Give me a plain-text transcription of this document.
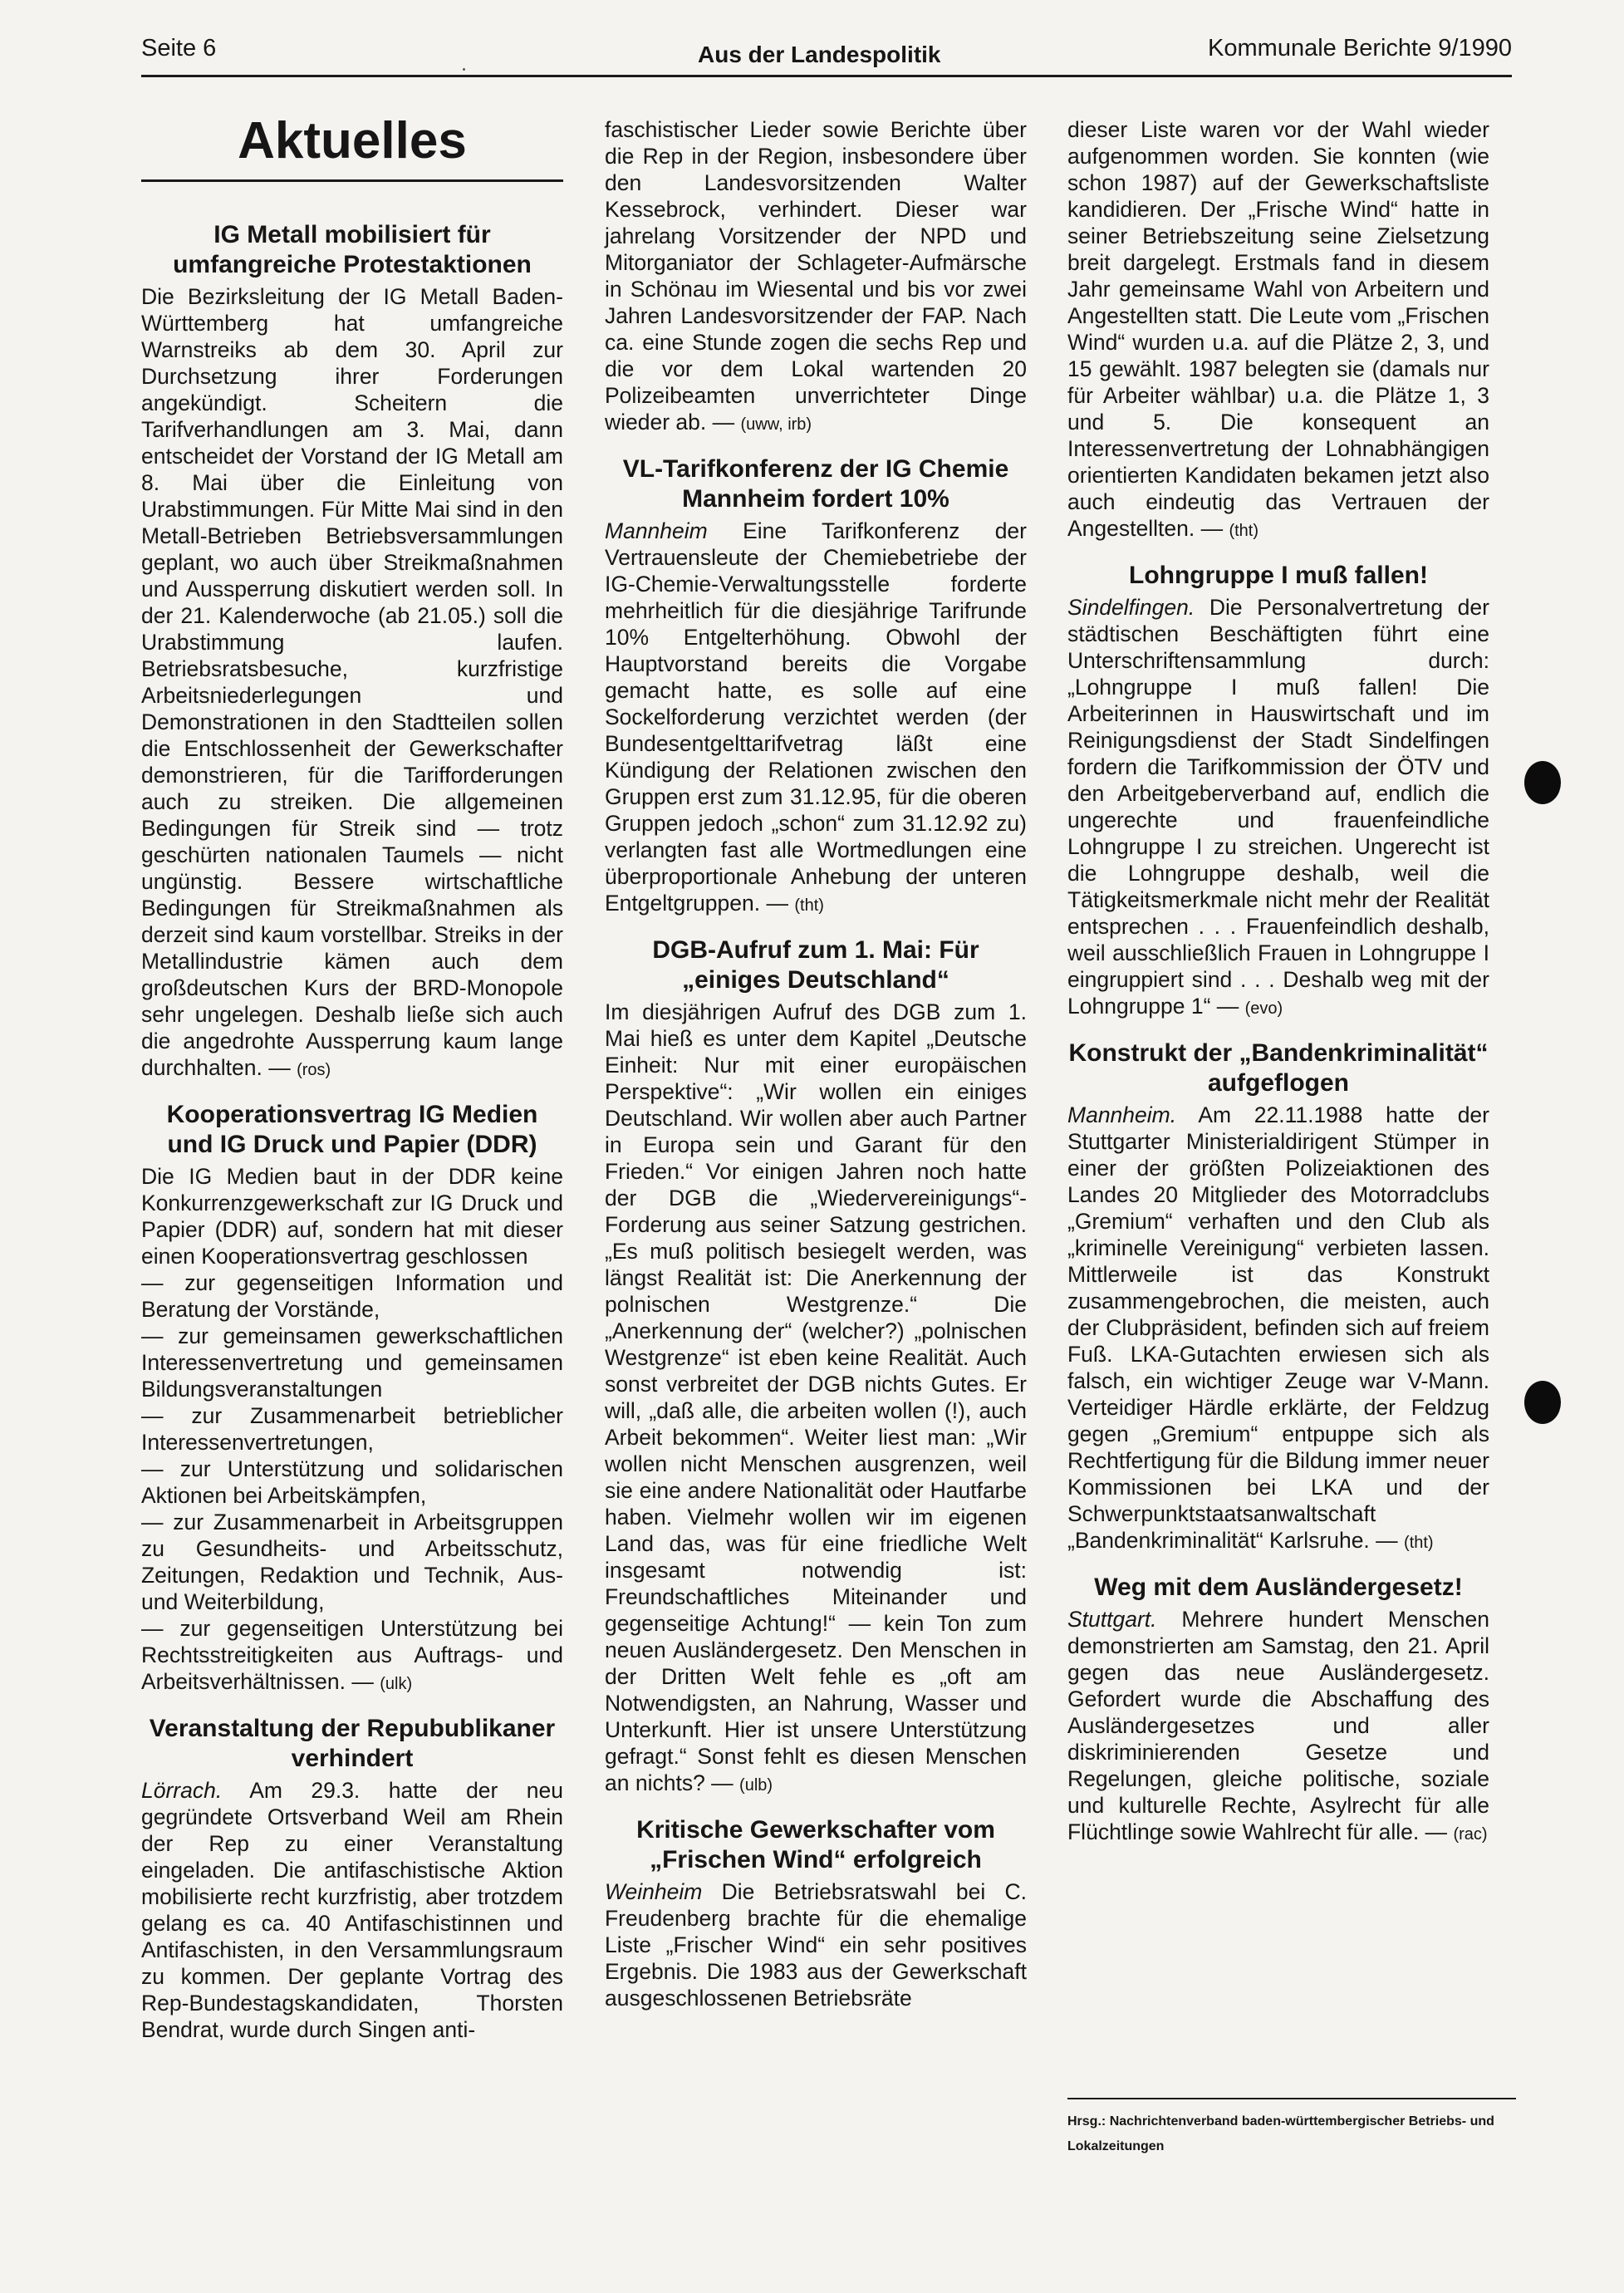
Seite 6	Aus der Landespolitik	Kommunale Berichte 9/1990
Aktuelles
IG Metall mobilisiert für umfangreiche Protestaktionen

Die Bezirksleitung der IG Metall Baden-Württemberg hat umfangreiche Warnstreiks ab dem 30. April zur Durchsetzung ihrer Forderungen angekündigt. Scheitern die Tarifverhandlungen am 3. Mai, dann entscheidet der Vorstand der IG Metall am 8. Mai über die Einleitung von Urabstimmungen. Für Mitte Mai sind in den Metall-Betrieben Betriebsversammlungen geplant, wo auch über Streikmaßnahmen und Aussperrung diskutiert werden soll. In der 21. Kalenderwoche (ab 21.05.) soll die Urabstimmung laufen. Betriebsratsbesuche, kurzfristige Arbeitsniederlegungen und Demonstrationen in den Stadtteilen sollen die Entschlossenheit der Gewerkschafter demonstrieren, für die Tarifforderungen auch zu streiken. Die allgemeinen Bedingungen für Streik sind — trotz geschürten nationalen Taumels — nicht ungünstig. Bessere wirtschaftliche Bedingungen für Streikmaßnahmen als derzeit sind kaum vorstellbar. Streiks in der Metallindustrie kämen auch dem großdeutschen Kurs der BRD-Monopole sehr ungelegen. Deshalb ließe sich auch die angedrohte Aussperrung kaum lange durchhalten. — (ros)

Kooperationsvertrag IG Medien und IG Druck und Papier (DDR)

Die IG Medien baut in der DDR keine Konkurrenzgewerkschaft zur IG Druck und Papier (DDR) auf, sondern hat mit dieser einen Kooperationsvertrag geschlossen

— zur gegenseitigen Information und Beratung der Vorstände,

— zur gemeinsamen gewerkschaftlichen Interessenvertretung und gemeinsamen Bildungsveranstaltungen

— zur Zusammenarbeit betrieblicher Interessenvertretungen,

— zur Unterstützung und solidarischen Aktionen bei Arbeitskämpfen,

— zur Zusammenarbeit in Arbeitsgruppen zu Gesundheits- und Arbeitsschutz, Zeitungen, Redaktion und Technik, Aus- und Weiterbildung,

— zur gegenseitigen Unterstützung bei Rechtsstreitigkeiten aus Auftrags- und Arbeitsverhältnissen. — (ulk)

Veranstaltung der Repubublikaner verhindert

Lörrach. Am 29.3. hatte der neu gegründete Ortsverband Weil am Rhein der Rep zu einer Veranstaltung eingeladen. Die antifaschistische Aktion mobilisierte recht kurzfristig, aber trotzdem gelang es ca. 40 Antifaschistinnen und Antifaschisten, in den Versammlungsraum zu kommen. Der geplante Vortrag des Rep-Bundestagskandidaten, Thorsten Bendrat, wurde durch Singen anti-

faschistischer Lieder sowie Berichte über die Rep in der Region, insbesondere über den Landesvorsitzenden Walter Kessebrock, verhindert. Dieser war jahrelang Vorsitzender der NPD und Mitorganiator der Schlageter-Aufmärsche in Schönau im Wiesental und bis vor zwei Jahren Landesvorsitzender der FAP. Nach ca. eine Stunde zogen die sechs Rep und die vor dem Lokal wartenden 20 Polizeibeamten unverrichteter Dinge wieder ab. — (uww, irb)

VL-Tarifkonferenz der IG Chemie Mannheim fordert 10%

Mannheim Eine Tarifkonferenz der Vertrauensleute der Chemiebetriebe der IG-Chemie-Verwaltungsstelle forderte mehrheitlich für die diesjährige Tarifrunde 10% Entgelterhöhung. Obwohl der Hauptvorstand bereits die Vorgabe gemacht hatte, es solle auf eine Sockelforderung verzichtet werden (der Bundesentgelttarifvetrag läßt eine Kündigung der Relationen zwischen den Gruppen erst zum 31.12.95, für die oberen Gruppen jedoch „schon“ zum 31.12.92 zu) verlangten fast alle Wortmedlungen eine überproportionale Anhebung der unteren Entgeltgruppen. — (tht)

DGB-Aufruf zum 1. Mai: Für „einiges Deutschland“

Im diesjährigen Aufruf des DGB zum 1. Mai hieß es unter dem Kapitel „Deutsche Einheit: Nur mit einer europäischen Perspektive“: „Wir wollen ein einiges Deutschland. Wir wollen aber auch Partner in Europa sein und Garant für den Frieden.“ Vor einigen Jahren noch hatte der DGB die „Wiedervereinigungs“-Forderung aus seiner Satzung gestrichen. „Es muß politisch besiegelt werden, was längst Realität ist: Die Anerkennung der polnischen Westgrenze.“ Die „Anerkennung der“ (welcher?) „polnischen Westgrenze“ ist eben keine Realität. Auch sonst verbreitet der DGB nichts Gutes. Er will, „daß alle, die arbeiten wollen (!), auch Arbeit bekommen“. Weiter liest man: „Wir wollen nicht Menschen ausgrenzen, weil sie eine andere Nationalität oder Hautfarbe haben. Vielmehr wollen wir im eigenen Land das, was für eine friedliche Welt insgesamt notwendig ist: Freundschaftliches Miteinander und gegenseitige Achtung!“ — kein Ton zum neuen Ausländergesetz. Den Menschen in der Dritten Welt fehle es „oft am Notwendigsten, an Nahrung, Wasser und Unterkunft. Hier ist unsere Unterstützung gefragt.“ Sonst fehlt es diesen Menschen an nichts? — (ulb)

Kritische Gewerkschafter vom „Frischen Wind“ erfolgreich

Weinheim Die Betriebsratswahl bei C. Freudenberg brachte für die ehemalige Liste „Frischer Wind“ ein sehr positives Ergebnis. Die 1983 aus der Gewerkschaft ausgeschlossenen Betriebsräte

dieser Liste waren vor der Wahl wieder aufgenommen worden. Sie konnten (wie schon 1987) auf der Gewerkschaftsliste kandidieren. Der „Frische Wind“ hatte in seiner Betriebszeitung seine Zielsetzung breit dargelegt. Erstmals fand in diesem Jahr gemeinsame Wahl von Arbeitern und Angestellten statt. Die Leute vom „Frischen Wind“ wurden u.a. auf die Plätze 2, 3, und 15 gewählt. 1987 belegten sie (damals nur für Arbeiter wählbar) u.a. die Plätze 1, 3 und 5. Die konsequent an Interessenvertretung der Lohnabhängigen orientierten Kandidaten bekamen jetzt also auch eindeutig das Vertrauen der Angestellten. — (tht)

Lohngruppe I muß fallen!

Sindelfingen. Die Personalvertretung der städtischen Beschäftigten führt eine Unterschriftensammlung durch: „Lohngruppe I muß fallen! Die Arbeiterinnen in Hauswirtschaft und im Reinigungsdienst der Stadt Sindelfingen fordern die Tarifkommission der ÖTV und den Arbeitgeberverband auf, endlich die ungerechte und frauenfeindliche Lohngruppe I zu streichen. Ungerecht ist die Lohngruppe deshalb, weil die Tätigkeitsmerkmale nicht mehr der Realität entsprechen . . . Frauenfeindlich deshalb, weil ausschließlich Frauen in Lohngruppe I eingruppiert sind . . . Deshalb weg mit der Lohngruppe 1“ — (evo)

Konstrukt der „Bandenkriminalität“ aufgeflogen

Mannheim. Am 22.11.1988 hatte der Stuttgarter Ministerialdirigent Stümper in einer der größten Polizeiaktionen des Landes 20 Mitglieder des Motorradclubs „Gremium“ verhaften und den Club als „kriminelle Vereinigung“ verbieten lassen. Mittlerweile ist das Konstrukt zusammengebrochen, die meisten, auch der Clubpräsident, befinden sich auf freiem Fuß. LKA-Gutachten erwiesen sich als falsch, ein wichtiger Zeuge war V-Mann. Verteidiger Härdle erklärte, der Feldzug gegen „Gremium“ entpuppe sich als Rechtfertigung für die Bildung immer neuer Kommissionen bei LKA und der Schwerpunktstaatsanwaltschaft „Bandenkriminalität“ Karlsruhe. — (tht)

Weg mit dem Ausländergesetz!

Stuttgart. Mehrere hundert Menschen demonstrierten am Samstag, den 21. April gegen das neue Ausländergesetz. Gefordert wurde die Abschaffung des Ausländergesetzes und aller diskriminierenden Gesetze und Regelungen, gleiche politische, soziale und kulturelle Rechte, Asylrecht für alle Flüchtlinge sowie Wahlrecht für alle. — (rac)

Hrsg.: Nachrichtenverband baden-württembergischer Betriebs- und Lokalzeitungen
